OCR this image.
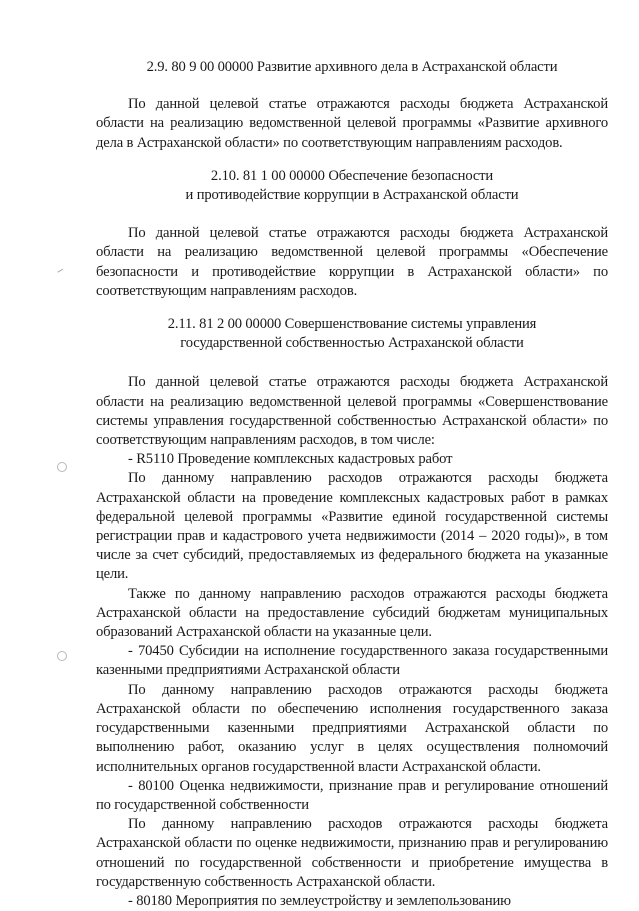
2.9. 80 9 00 00000 Развитие архивного дела в Астраханской области

По данной целевой статье отражаются расходы бюджета Астраханской области на реализацию ведомственной целевой программы «Развитие архивного дела в Астраханской области» по соответствующим направлениям расходов.

2.10. 81 1 00 00000 Обеспечение безопасности
и противодействие коррупции в Астраханской области

По данной целевой статье отражаются расходы бюджета Астраханской области на реализацию ведомственной целевой программы «Обеспечение безопасности и противодействие коррупции в Астраханской области» по соответствующим направлениям расходов.

2.11. 81 2 00 00000 Совершенствование системы управления
государственной собственностью Астраханской области

По данной целевой статье отражаются расходы бюджета Астраханской области на реализацию ведомственной целевой программы «Совершенствование системы управления государственной собственностью Астраханской области» по соответствующим направлениям расходов, в том числе:

- R5110 Проведение комплексных кадастровых работ

По данному направлению расходов отражаются расходы бюджета Астраханской области на проведение комплексных кадастровых работ в рамках федеральной целевой программы «Развитие единой государственной системы регистрации прав и кадастрового учета недвижимости (2014 – 2020 годы)», в том числе за счет субсидий, предоставляемых из федерального бюджета на указанные цели.

Также по данному направлению расходов отражаются расходы бюджета Астраханской области на предоставление субсидий бюджетам муниципальных образований Астраханской области на указанные цели.

- 70450 Субсидии на исполнение государственного заказа государственными казенными предприятиями Астраханской области

По данному направлению расходов отражаются расходы бюджета Астраханской области по обеспечению исполнения государственного заказа государственными казенными предприятиями Астраханской области по выполнению работ, оказанию услуг в целях осуществления полномочий исполнительных органов государственной власти Астраханской области.

- 80100 Оценка недвижимости, признание прав и регулирование отношений по государственной собственности

По данному направлению расходов отражаются расходы бюджета Астраханской области по оценке недвижимости, признанию прав и регулированию отношений по государственной собственности и приобретение имущества в государственную собственность Астраханской области.

- 80180 Мероприятия по землеустройству и землепользованию
